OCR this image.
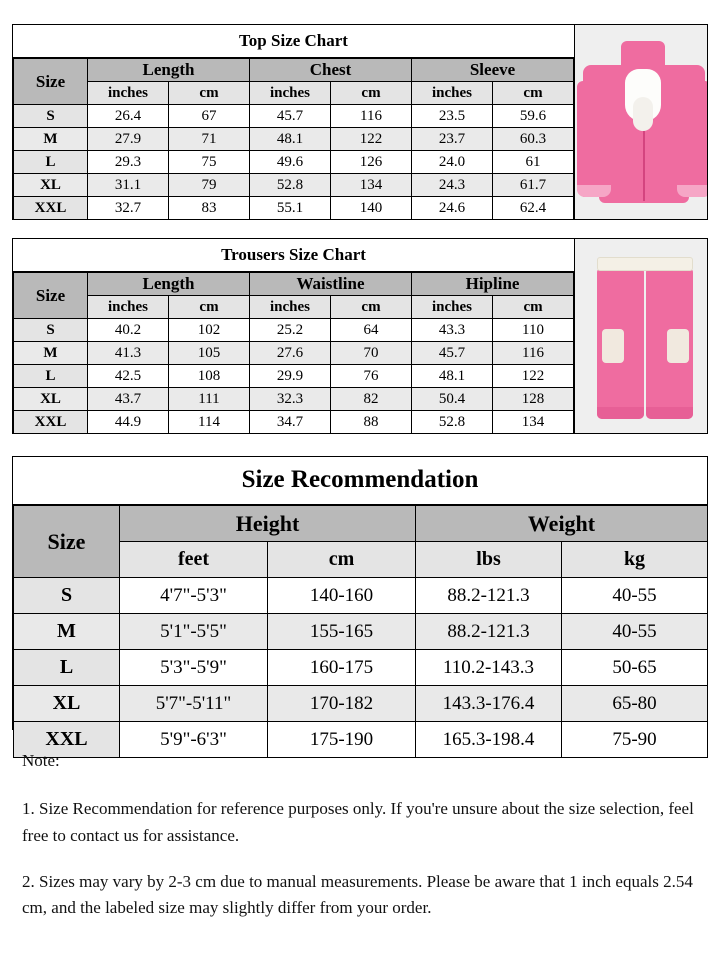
Top Size Chart
Size	Length		Chest		Sleeve	
	inches	cm	inches	cm	inches	cm
S	26.4	67	45.7	116	23.5	59.6
M	27.9	71	48.1	122	23.7	60.3
L	29.3	75	49.6	126	24.0	61
XL	31.1	79	52.8	134	24.3	61.7
XXL	32.7	83	55.1	140	24.6	62.4
Trousers Size Chart
Size	Length		Waistline		Hipline	
	inches	cm	inches	cm	inches	cm
S	40.2	102	25.2	64	43.3	110
M	41.3	105	27.6	70	45.7	116
L	42.5	108	29.9	76	48.1	122
XL	43.7	111	32.3	82	50.4	128
XXL	44.9	114	34.7	88	52.8	134
Size Recommendation
Size	Height		Weight	
	feet	cm	lbs	kg
S	4'7"-5'3"	140-160	88.2-121.3	40-55
M	5'1"-5'5"	155-165	88.2-121.3	40-55
L	5'3"-5'9"	160-175	110.2-143.3	50-65
XL	5'7"-5'11"	170-182	143.3-176.4	65-80
XXL	5'9"-6'3"	175-190	165.3-198.4	75-90

Note:

1. Size Recommendation for reference purposes only. If you're unsure about the size selection, feel free to contact us for assistance.

2. Sizes may vary by 2-3 cm due to manual measurements. Please be aware that 1 inch equals 2.54 cm, and the labeled size may slightly differ from your order.
